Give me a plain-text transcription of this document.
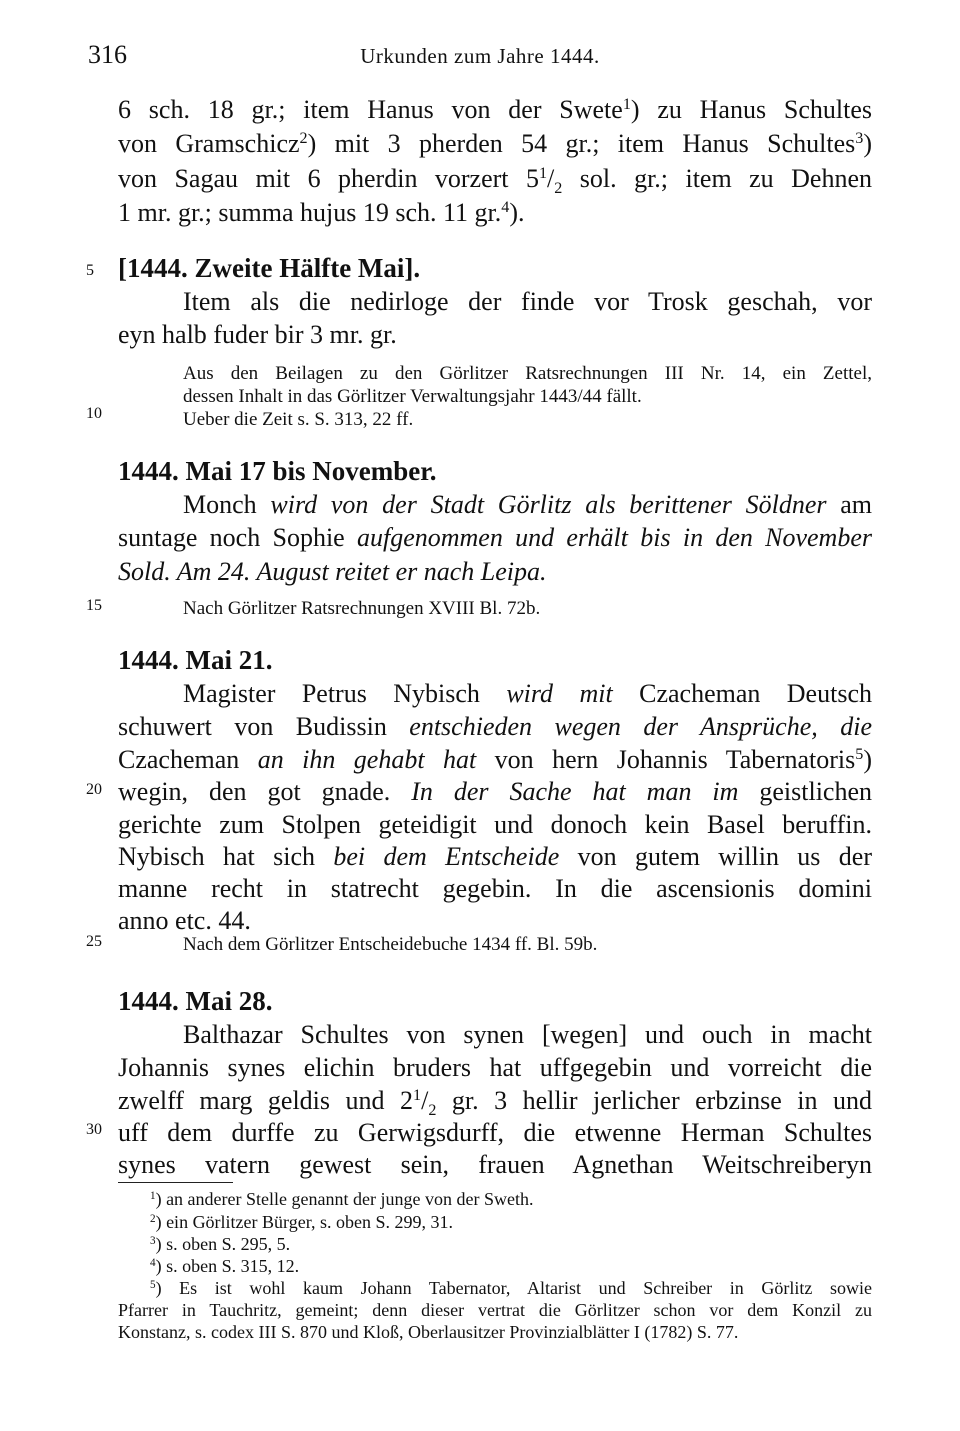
316	Urkunden zum Jahre 1444.
5
10
15
20
25
30
6 sch. 18 gr.; item Hanus von der Swete$^1$) zu Hanus Schultes
von Gramschicz$^2$) mit 3 pherden 54 gr.; item Hanus Schultes$^3$)
von Sagau mit 6 pherdin vorzert $5^1/_2$ sol. gr.; item zu Dehnen
1 mr. gr.; summa hujus 19 sch. 11 gr.$^4$).
[1444. Zweite Hälfte Mai].
Item als die nedirloge der finde vor Trosk geschah, vor
eyn halb fuder bir 3 mr. gr.
Aus den Beilagen zu den Görlitzer Ratsrechnungen III Nr. 14, ein Zettel,
dessen Inhalt in das Görlitzer Verwaltungsjahr 1443/44 fällt.
Ueber die Zeit s. S. 313, 22 ff.
1444. Mai 17 bis November.
Monch wird von der Stadt Görlitz als berittener Söldner am
suntage noch Sophie aufgenommen und erhält bis in den November
Sold. Am 24. August reitet er nach Leipa.
Nach Görlitzer Ratsrechnungen XVIII Bl. 72b.
1444. Mai 21.
Magister Petrus Nybisch wird mit Czacheman Deutsch
schuwert von Budissin entschieden wegen der Ansprüche, die
Czacheman an ihn gehabt hat von hern Johannis Tabernatoris$^5$)
wegin, den got gnade. In der Sache hat man im geistlichen
gerichte zum Stolpen geteidigit und donoch kein Basel beruffin.
Nybisch hat sich bei dem Entscheide von gutem willin us der
manne recht in statrecht gegebin. In die ascensionis domini
anno etc. 44.
Nach dem Görlitzer Entscheidebuche 1434 ff. Bl. 59b.
1444. Mai 28.
Balthazar Schultes von synen [wegen] und ouch in macht
Johannis synes elichin bruders hat uffgegebin und vorreicht die
zwelff marg geldis und $2^1/_2$ gr. 3 hellir jerlicher erbzinse in und
uff dem durffe zu Gerwigsdurff, die etwenne Herman Schultes
synes vatern gewest sein, frauen Agnethan Weitschreiberyn
$^1$) an anderer Stelle genannt der junge von der Sweth.
$^2$) ein Görlitzer Bürger, s. oben S. 299, 31.
$^3$) s. oben S. 295, 5.
$^4$) s. oben S. 315, 12.
$^5$) Es ist wohl kaum Johann Tabernator, Altarist und Schreiber in Görlitz sowie
Pfarrer in Tauchritz, gemeint; denn dieser vertrat die Görlitzer schon vor dem Konzil zu
Konstanz, s. codex III S. 870 und Kloß, Oberlausitzer Provinzialblätter I (1782) S. 77.
